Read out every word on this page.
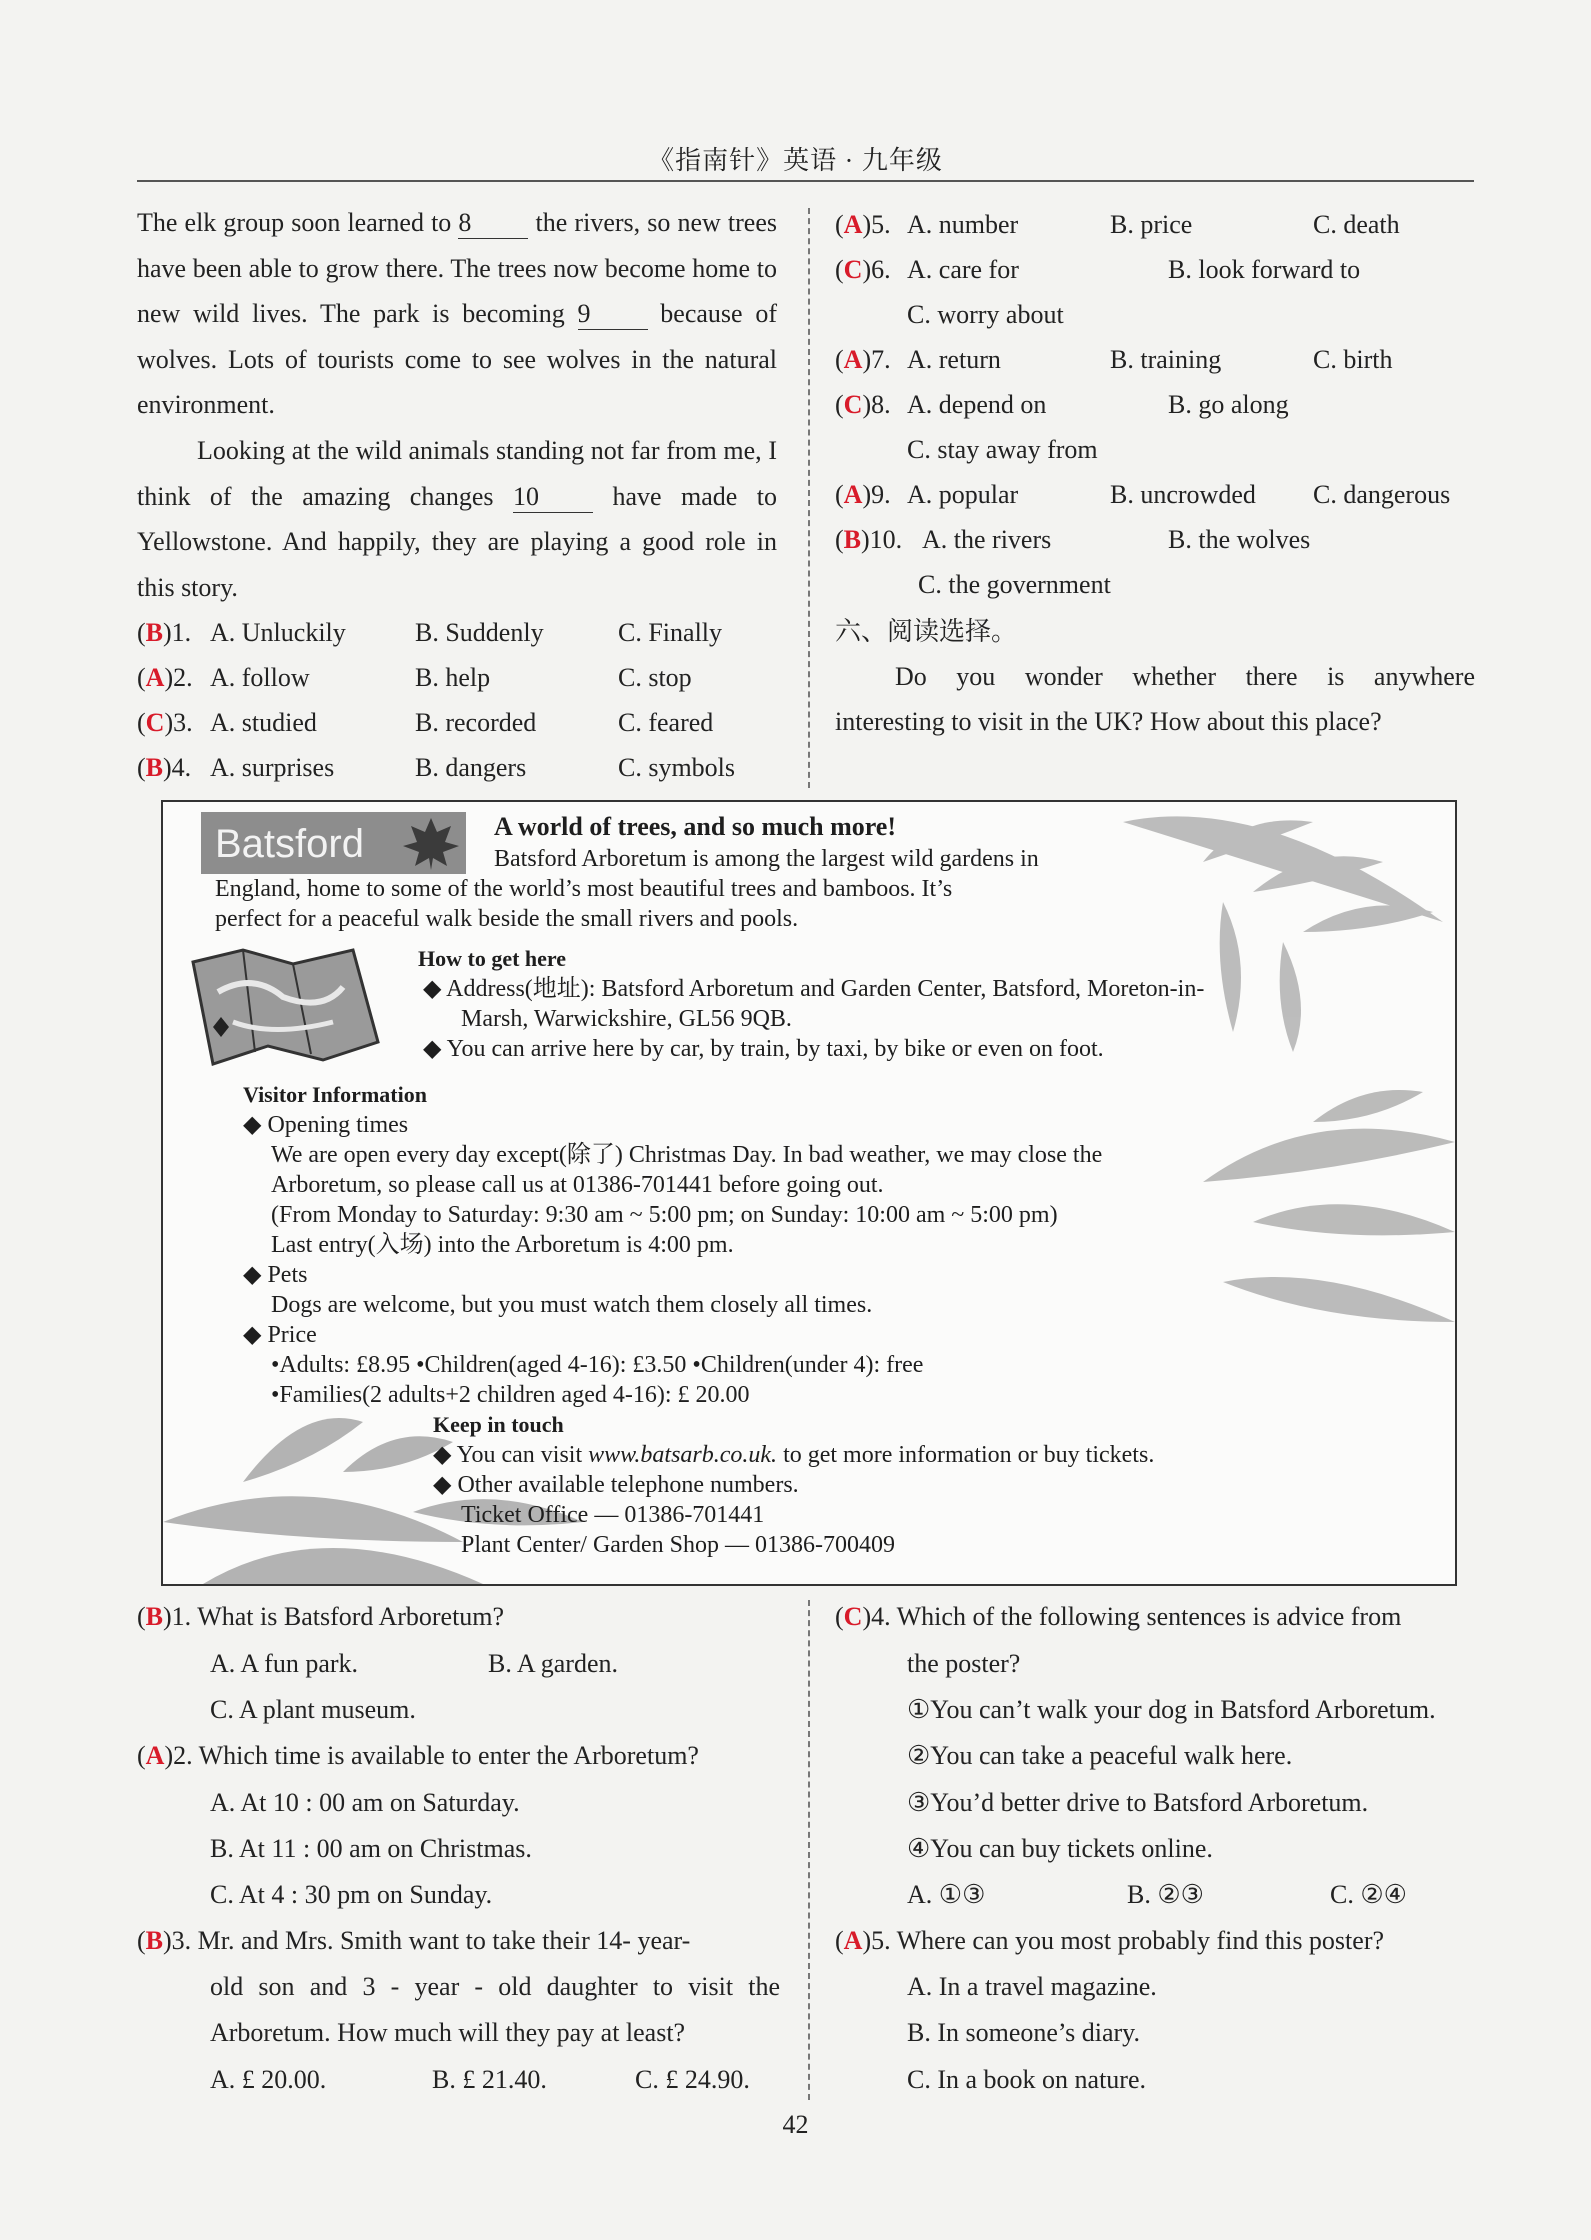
《指南针》英语 · 九年级
The elk group soon learned to 8 the rivers, so new trees have been able to grow there. The trees now become home to new wild lives. The park is becoming 9	because of wolves. Lots of tourists come to see wolves in the natural environment.
Looking at the wild animals standing not far from me, I think of the amazing changes 10	have made to Yellowstone. And happily, they are playing a good role in this story.
(B)1. A. Unluckily	B. Suddenly	C. Finally
(A)2. A. follow	B. help	C. stop
(C)3. A. studied	B. recorded	C. feared
(B)4. A. surprises	B. dangers	C. symbols
(A)5. A. number	B. price	C. death
(C)6. A. care for	B. look forward to
C. worry about
(A)7. A. return	B. training	C. birth
(C)8. A. depend on	B. go along
C. stay away from
(A)9. A. popular	B. uncrowded C. dangerous
(B)10. A. the rivers	B. the wolves
C. the government
六、阅读选择。
Do you wonder whether there is anywhere
interesting to visit in the UK? How about this place?
Batsford	A world of trees, and so much more!
Batsford Arboretum is among the largest wild gardens in
England, home to some of the world’s most beautiful trees and bamboos. It’s
perfect for a peaceful walk beside the small rivers and pools.
How to get here
◆ Address(地址): Batsford Arboretum and Garden Center, Batsford, Moreton-in-
Marsh, Warwickshire, GL56 9QB.
◆ You can arrive here by car, by train, by taxi, by bike or even on foot.
Visitor Information
◆ Opening times
We are open every day except(除了) Christmas Day. In bad weather, we may close the
Arboretum, so please call us at 01386-701441 before going out.
(From Monday to Saturday: 9:30 am ~ 5:00 pm; on Sunday: 10:00 am ~ 5:00 pm)
Last entry(入场) into the Arboretum is 4:00 pm.
◆ Pets
Dogs are welcome, but you must watch them closely all times.
◆ Price
•Adults: £8.95 •Children(aged 4-16): £3.50 •Children(under 4): free
•Families(2 adults+2 children aged 4-16): £ 20.00
Keep in touch
◆ You can visit www.batsarb.co.uk. to get more information or buy tickets.
◆ Other available telephone numbers.
Ticket Office — 01386-701441
Plant Center/ Garden Shop — 01386-700409
(B)1. What is Batsford Arboretum?
A. A fun park.	B. A garden.
C. A plant museum.
(A)2. Which time is available to enter the Arboretum?
A. At 10 : 00 am on Saturday.
B. At 11 : 00 am on Christmas.
C. At 4 : 30 pm on Sunday.
(B)3. Mr. and Mrs. Smith want to take their 14- year-
old son and 3 - year - old daughter to visit the
Arboretum. How much will they pay at least?
A. £ 20.00.	B. £ 21.40.	C. £ 24.90.
(C)4. Which of the following sentences is advice from
the poster?
①You can’t walk your dog in Batsford Arboretum.
②You can take a peaceful walk here.
③You’d better drive to Batsford Arboretum.
④You can buy tickets online.
A. ①③	B. ②③	C. ②④
(A)5. Where can you most probably find this poster?
A. In a travel magazine.
B. In someone’s diary.
C. In a book on nature.
42
